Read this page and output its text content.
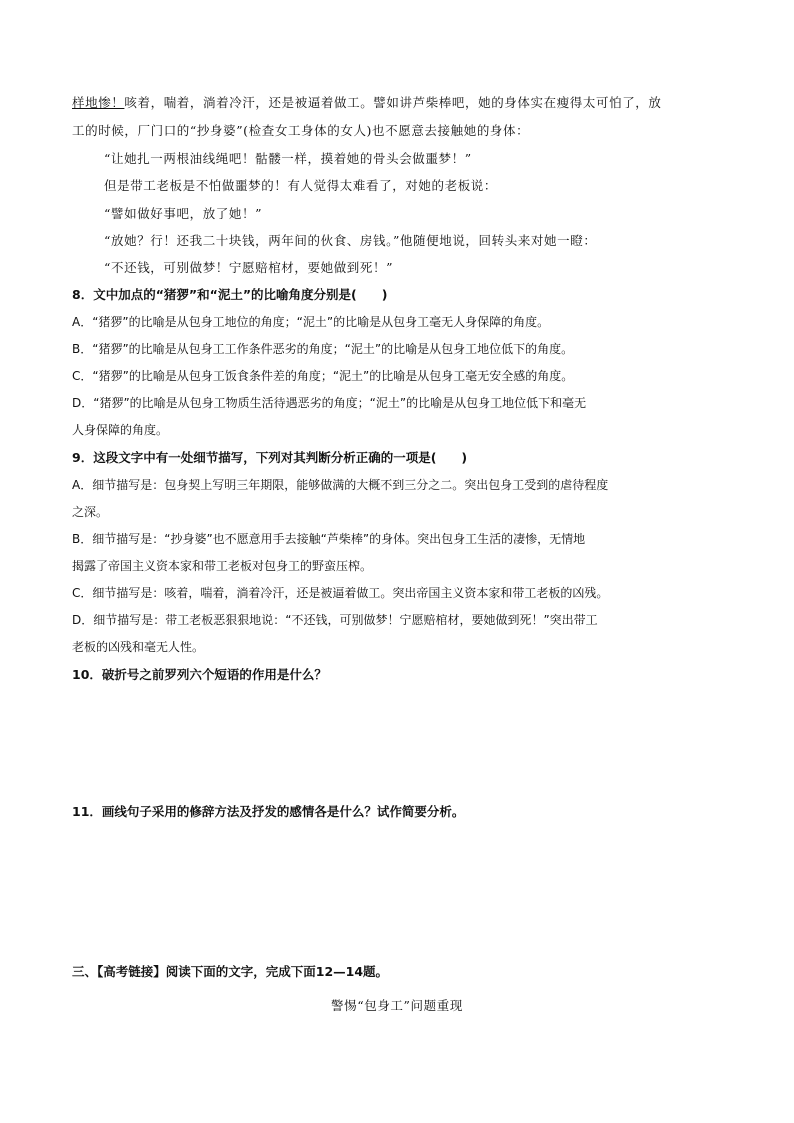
样地惨！咳着，喘着，淌着冷汗，还是被逼着做工。譬如讲芦柴棒吧，她的身体实在瘦得太可怕了，放
工的时候，厂门口的“抄身婆”(检查女工身体的女人)也不愿意去接触她的身体：
“让她扎一两根油线绳吧！骷髅一样，摸着她的骨头会做噩梦！”
但是带工老板是不怕做噩梦的！有人觉得太难看了，对她的老板说：
“譬如做好事吧，放了她！”
“放她？行！还我二十块钱，两年间的伙食、房钱。”他随便地说，回转头来对她一瞪：
“不还钱，可别做梦！宁愿赔棺材，要她做到死！”
8．文中加点的“猪猡”和“泥土”的比喻角度分别是(　　)
A．“猪猡”的比喻是从包身工地位的角度；“泥土”的比喻是从包身工毫无人身保障的角度。
B．“猪猡”的比喻是从包身工工作条件恶劣的角度；“泥土”的比喻是从包身工地位低下的角度。
C．“猪猡”的比喻是从包身工饭食条件差的角度；“泥土”的比喻是从包身工毫无安全感的角度。
D．“猪猡”的比喻是从包身工物质生活待遇恶劣的角度；“泥土”的比喻是从包身工地位低下和毫无
人身保障的角度。
9．这段文字中有一处细节描写，下列对其判断分析正确的一项是(　　)
A．细节描写是：包身契上写明三年期限，能够做满的大概不到三分之二。突出包身工受到的虐待程度
之深。
B．细节描写是：“抄身婆”也不愿意用手去接触“芦柴棒”的身体。突出包身工生活的凄惨，无情地
揭露了帝国主义资本家和带工老板对包身工的野蛮压榨。
C．细节描写是：咳着，喘着，淌着冷汗，还是被逼着做工。突出帝国主义资本家和带工老板的凶残。
D．细节描写是：带工老板恶狠狠地说：“不还钱，可别做梦！宁愿赔棺材，要她做到死！”突出带工
老板的凶残和毫无人性。
10．破折号之前罗列六个短语的作用是什么？
11．画线句子采用的修辞方法及抒发的感情各是什么？试作简要分析。
三、【高考链接】阅读下面的文字，完成下面12—14题。
警惕“包身工”问题重现
